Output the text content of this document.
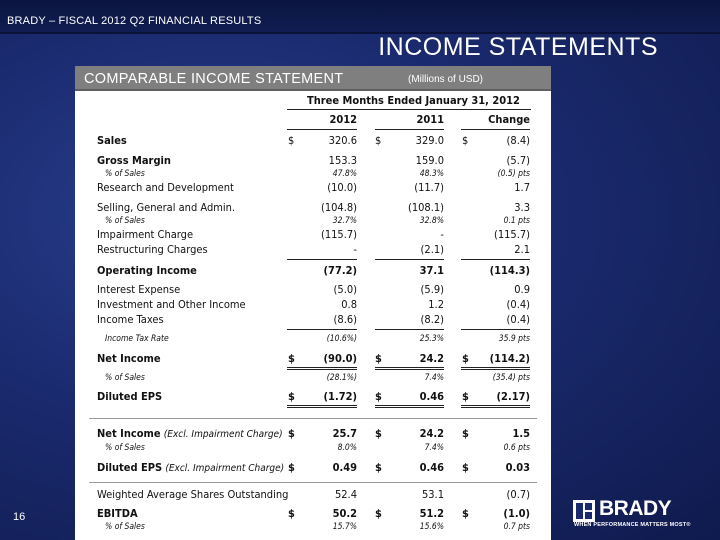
BRADY – FISCAL 2012 Q2 FINANCIAL RESULTS
INCOME STATEMENTS
COMPARABLE INCOME STATEMENT	(Millions of USD)
Three Months Ended January 31, 2012
2012	2011	Change
Sales	$	320.6 $	329.0 $	(8.4)
Gross Margin	153.3	159.0	(5.7)
% of Sales	47.8%	48.3%	(0.5) pts
Research and Development	(10.0)	(11.7)	1.7
Selling, General and Admin.	(104.8)	(108.1)	3.3
% of Sales	32.7%	32.8%	0.1 pts
Impairment Charge	(115.7)	-	(115.7)
Restructuring Charges	-	(2.1)	2.1
Operating Income	(77.2)	37.1	(114.3)
Interest Expense	(5.0)	(5.9)	0.9
Investment and Other Income	0.8	1.2	(0.4)
Income Taxes	(8.6)	(8.2)	(0.4)
Income Tax Rate	(10.6%)	25.3%	35.9 pts
Net Income	$	(90.0) $	24.2 $	(114.2)
% of Sales	(28.1%)	7.4%	(35.4) pts
Diluted EPS	$	(1.72) $	0.46 $	(2.17)
Net Income (Excl. Impairment Charge) $	25.7 $	24.2 $	1.5
% of Sales	8.0%	7.4%	0.6 pts
Diluted EPS (Excl. Impairment Charge) $	0.49 $	0.46 $	0.03
Weighted Average Shares Outstanding	52.4	53.1	(0.7)
EBITDA	$	50.2 $	51.2 $	(1.0)
% of Sales	15.7%	15.6%	0.7 pts
16	BRADY
WHEN PERFORMANCE MATTERS MOST®
